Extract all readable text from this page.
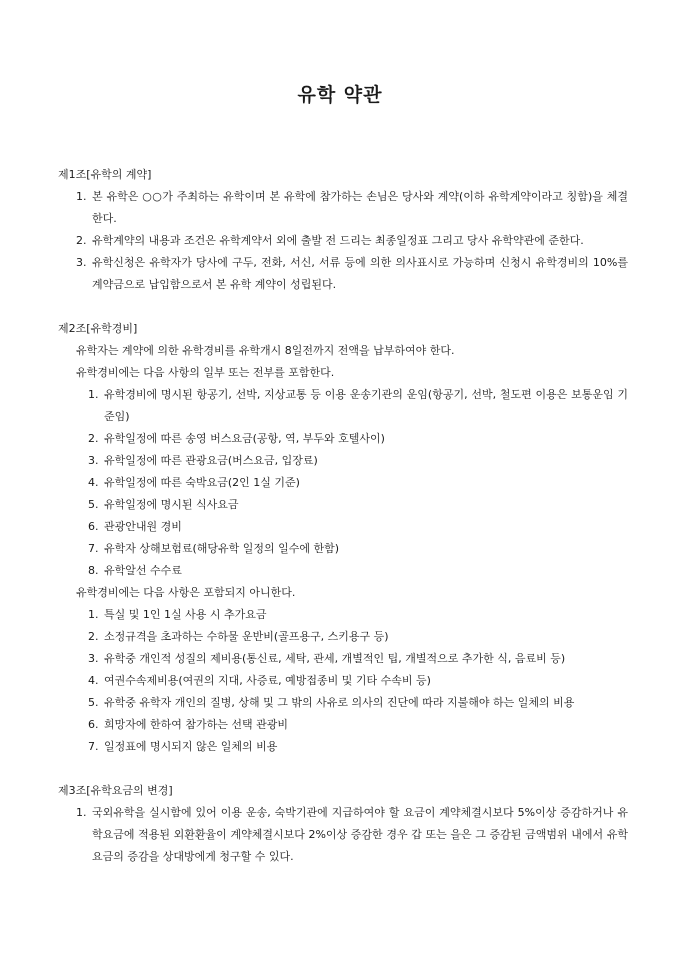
유학 약관
제1조[유학의 계약]
1. 본 유학은 ○○가 주최하는 유학이며 본 유학에 참가하는 손님은 당사와 계약(이하 유학계약이라고 칭함)을 체결한다.
2. 유학계약의 내용과 조건은 유학계약서 외에 출발 전 드리는 최종일정표 그리고 당사 유학약관에 준한다.
3. 유학신청은 유학자가 당사에 구두, 전화, 서신, 서류 등에 의한 의사표시로 가능하며 신청시 유학경비의 10%를 계약금으로 납입함으로서 본 유학 계약이 성립된다.
제2조[유학경비]
유학자는 계약에 의한 유학경비를 유학개시 8일전까지 전액을 납부하여야 한다.
유학경비에는 다음 사항의 일부 또는 전부를 포함한다.
1. 유학경비에 명시된 항공기, 선박, 지상교통 등 이용 운송기관의 운임(항공기, 선박, 철도편 이용은 보통운임 기준임)
2. 유학일정에 따른 송영 버스요금(공항, 역, 부두와 호텔사이)
3. 유학일정에 따른 관광요금(버스요금, 입장료)
4. 유학일정에 따른 숙박요금(2인 1실 기준)
5. 유학일정에 명시된 식사요금
6. 관광안내원 경비
7. 유학자 상해보험료(해당유학 일정의 일수에 한함)
8. 유학알선 수수료
유학경비에는 다음 사항은 포함되지 아니한다.
1. 특실 및 1인 1실 사용 시 추가요금
2. 소정규격을 초과하는 수하물 운반비(골프용구, 스키용구 등)
3. 유학중 개인적 성질의 제비용(통신료, 세탁, 관세, 개별적인 팁, 개별적으로 추가한 식, 음료비 등)
4. 여권수속제비용(여권의 지대, 사증료, 예방접종비 및 기타 수속비 등)
5. 유학중 유학자 개인의 질병, 상해 및 그 밖의 사유로 의사의 진단에 따라 지불해야 하는 일체의 비용
6. 희망자에 한하여 참가하는 선택 관광비
7. 일정표에 명시되지 않은 일체의 비용
제3조[유학요금의 변경]
1. 국외유학을 실시함에 있어 이용 운송, 숙박기관에 지급하여야 할 요금이 계약체결시보다 5%이상 증감하거나 유학요금에 적용된 외환환율이 계약체결시보다 2%이상 증감한 경우 갑 또는 을은 그 증감된 금액범위 내에서 유학요금의 증감을 상대방에게 청구할 수 있다.
